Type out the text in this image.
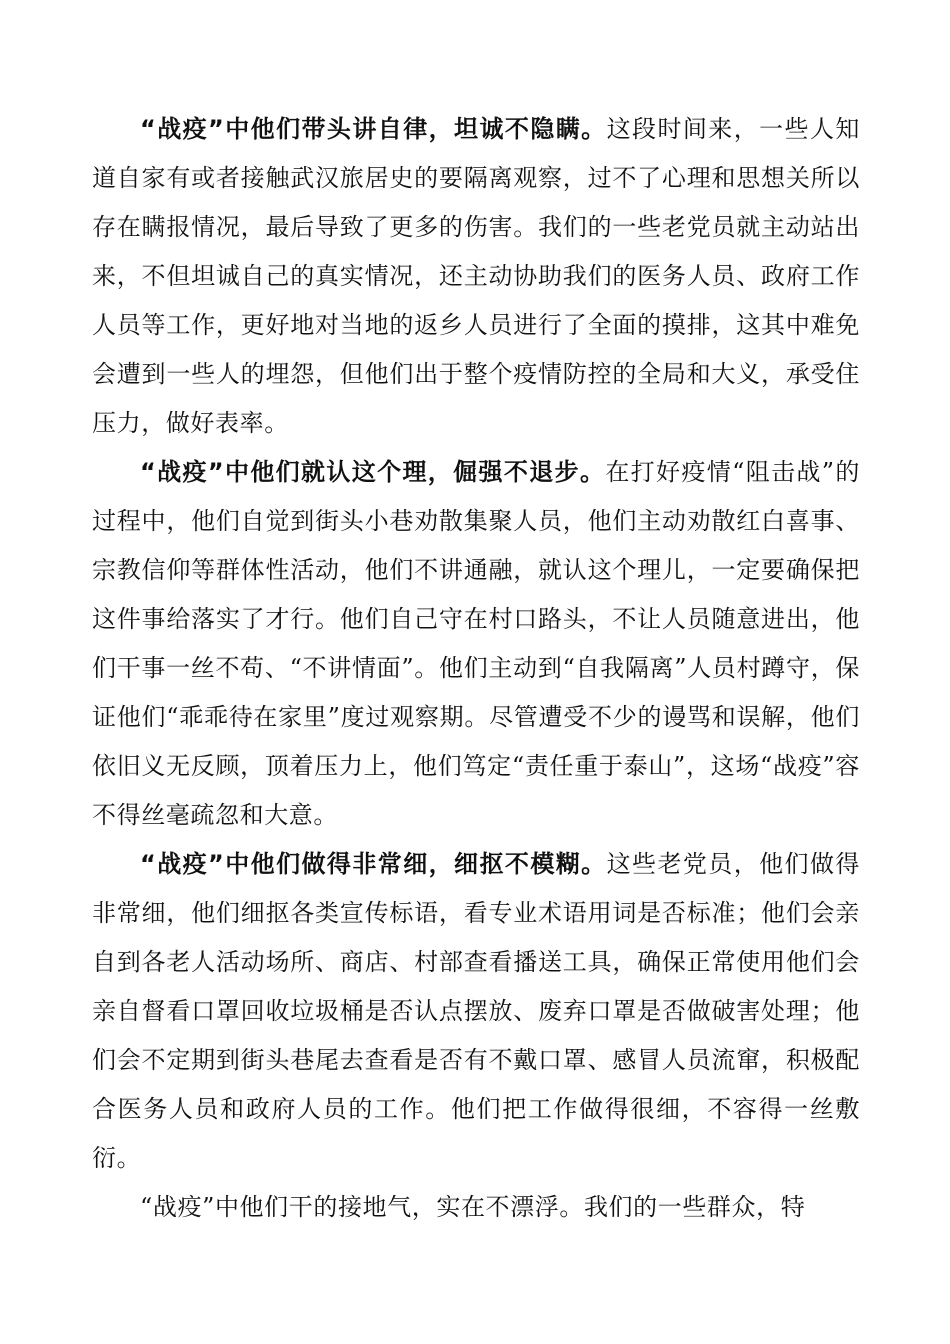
“战疫”中他们带头讲自律，坦诚不隐瞒。这段时间来，一些人知道自家有或者接触武汉旅居史的要隔离观察，过不了心理和思想关所以存在瞒报情况，最后导致了更多的伤害。我们的一些老党员就主动站出来，不但坦诚自己的真实情况，还主动协助我们的医务人员、政府工作人员等工作，更好地对当地的返乡人员进行了全面的摸排，这其中难免会遭到一些人的埋怨，但他们出于整个疫情防控的全局和大义，承受住压力，做好表率。

“战疫”中他们就认这个理，倔强不退步。在打好疫情“阻击战”的过程中，他们自觉到街头小巷劝散集聚人员，他们主动劝散红白喜事、宗教信仰等群体性活动，他们不讲通融，就认这个理儿，一定要确保把这件事给落实了才行。他们自己守在村口路头，不让人员随意进出，他们干事一丝不苟、“不讲情面”。他们主动到“自我隔离”人员村蹲守，保证他们“乖乖待在家里”度过观察期。尽管遭受不少的谩骂和误解，他们依旧义无反顾，顶着压力上，他们笃定“责任重于泰山”，这场“战疫”容不得丝毫疏忽和大意。

“战疫”中他们做得非常细，细抠不模糊。这些老党员，他们做得非常细，他们细抠各类宣传标语，看专业术语用词是否标准；他们会亲自到各老人活动场所、商店、村部查看播送工具，确保正常使用他们会亲自督看口罩回收垃圾桶是否认点摆放、废弃口罩是否做破害处理；他们会不定期到街头巷尾去查看是否有不戴口罩、感冒人员流窜，积极配合医务人员和政府人员的工作。他们把工作做得很细，不容得一丝敷衍。

“战疫”中他们干的接地气，实在不漂浮。我们的一些群众，特
